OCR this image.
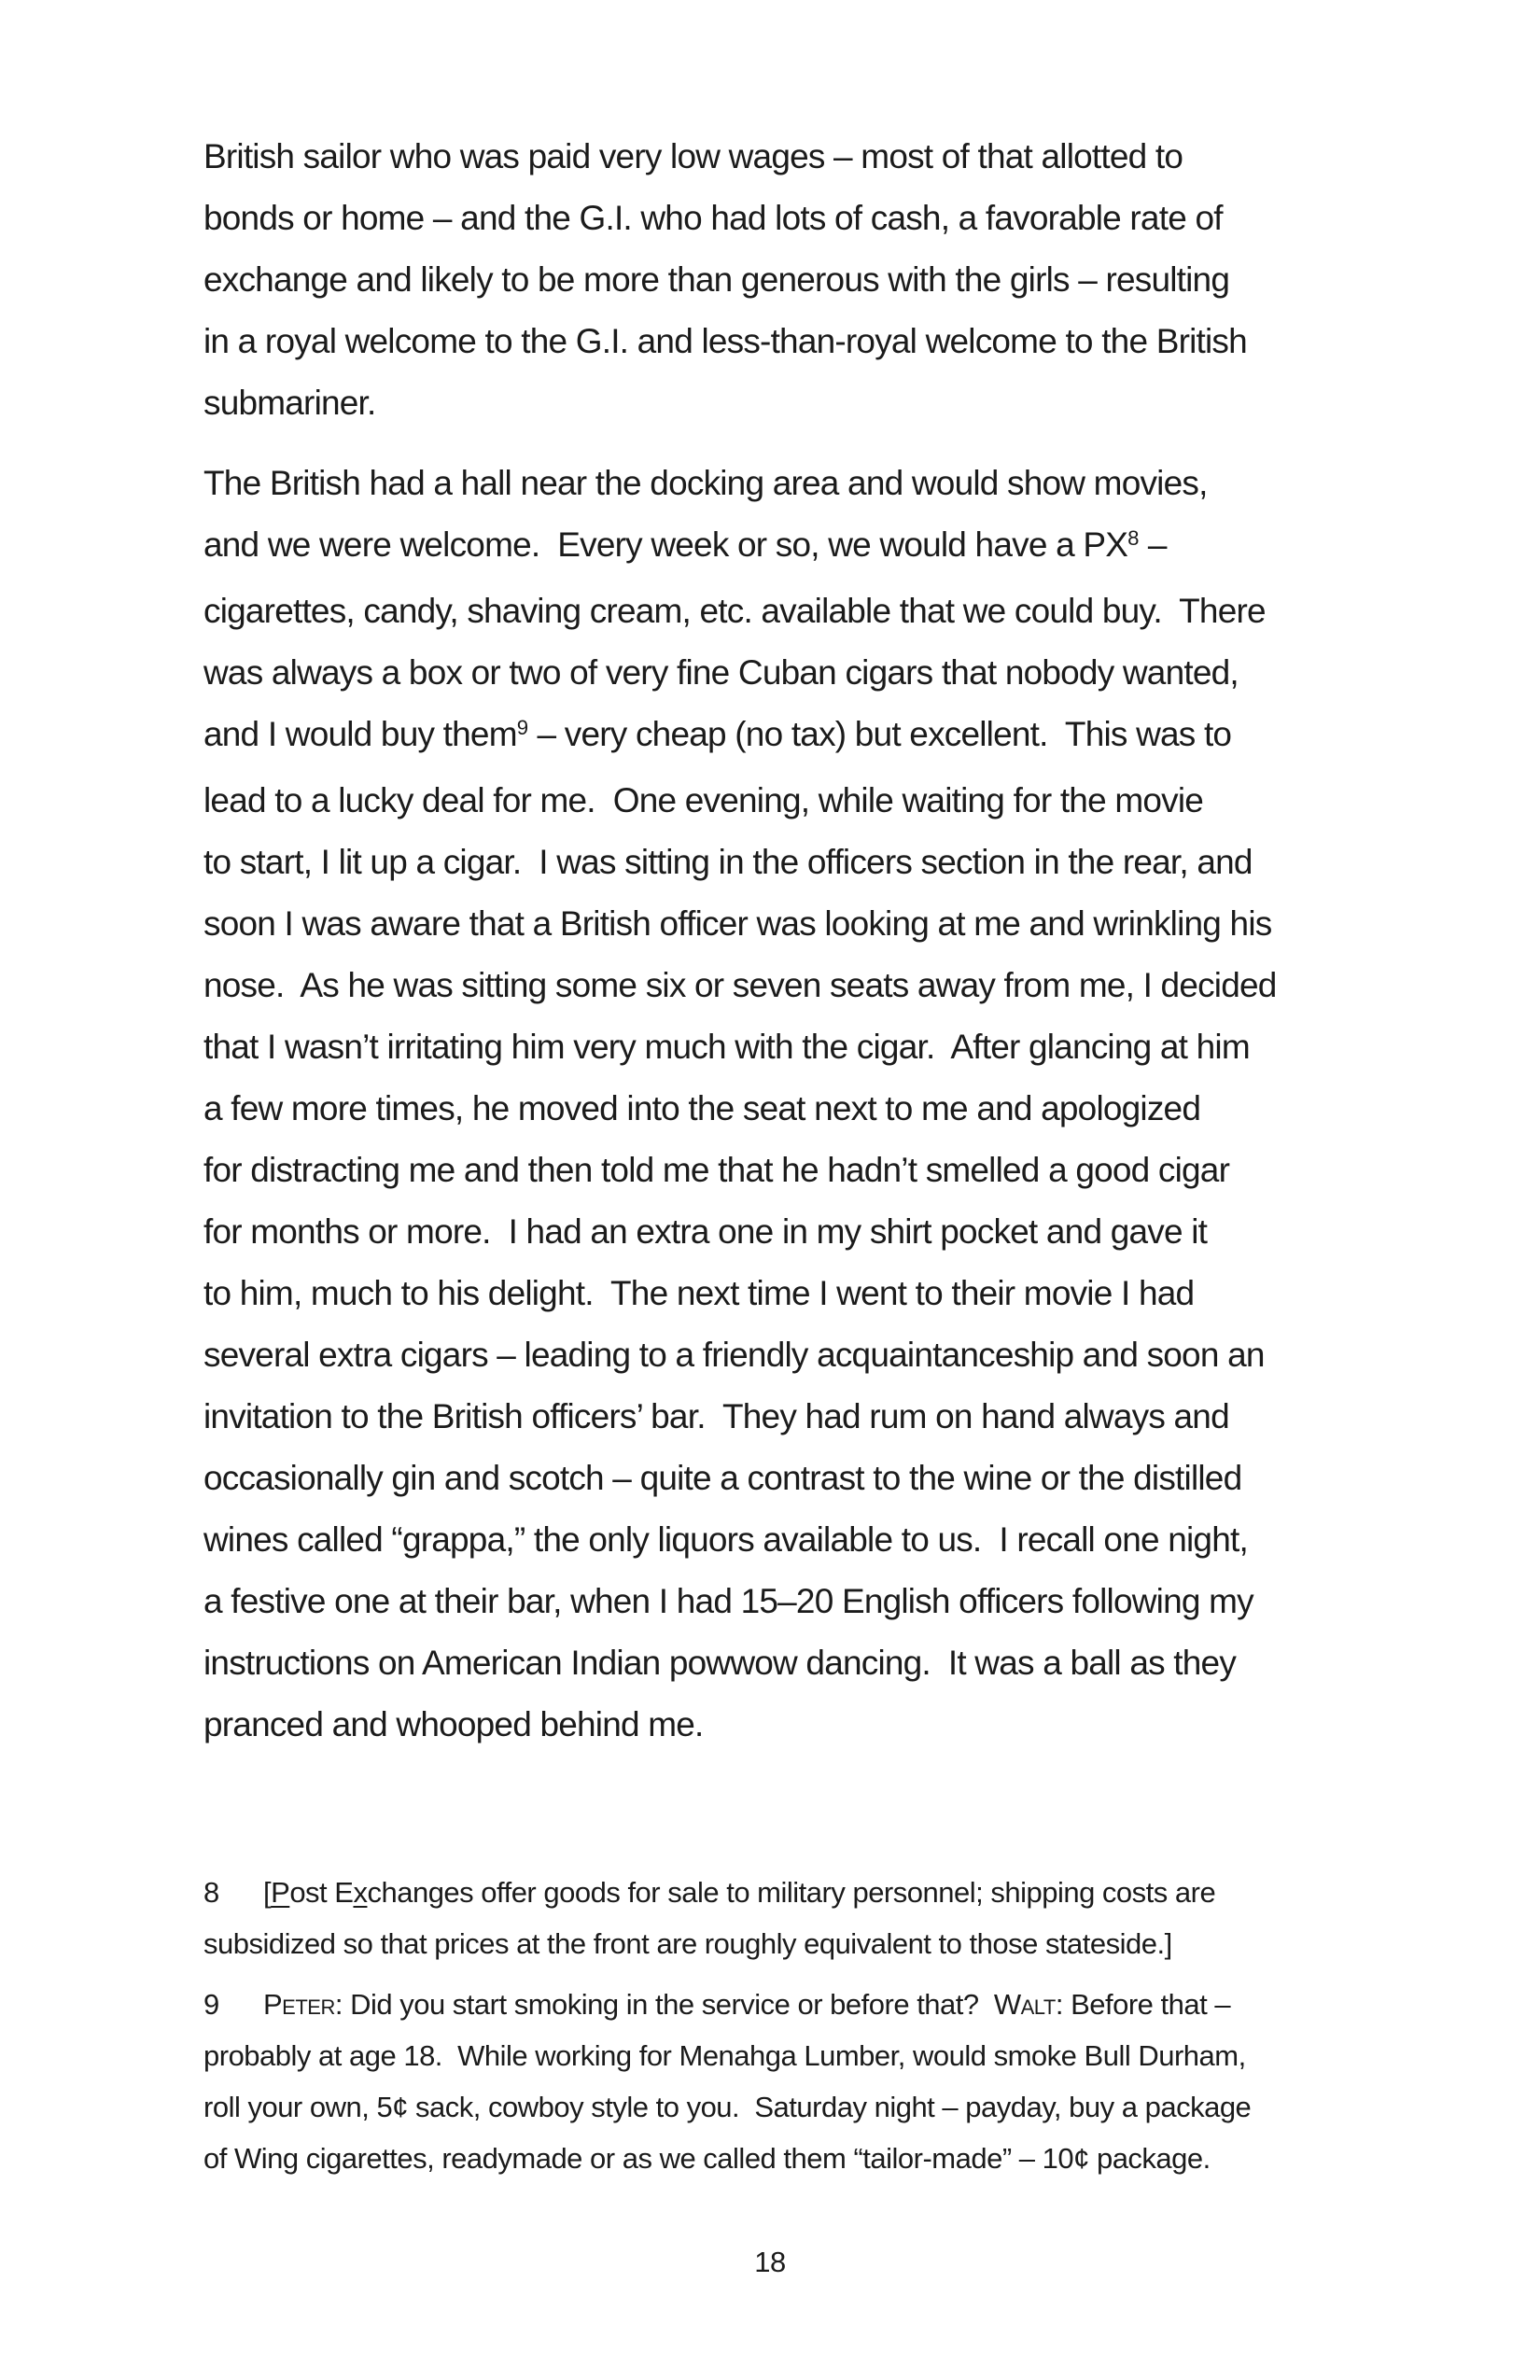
British sailor who was paid very low wages – most of that allotted to
bonds or home – and the G.I. who had lots of cash, a favorable rate of
exchange and likely to be more than generous with the girls – resulting
in a royal welcome to the G.I. and less-than-royal welcome to the British
submariner.
The British had a hall near the docking area and would show movies,
and we were welcome.  Every week or so, we would have a $PX^8$ –
cigarettes, candy, shaving cream, etc. available that we could buy.  There
was always a box or two of very fine Cuban cigars that nobody wanted,
and I would buy them$^9$ – very cheap (no tax) but excellent.  This was to
lead to a lucky deal for me.  One evening, while waiting for the movie
to start, I lit up a cigar.  I was sitting in the officers section in the rear, and
soon I was aware that a British officer was looking at me and wrinkling his
nose.  As he was sitting some six or seven seats away from me, I decided
that I wasn’t irritating him very much with the cigar.  After glancing at him
a few more times, he moved into the seat next to me and apologized
for distracting me and then told me that he hadn’t smelled a good cigar
for months or more.  I had an extra one in my shirt pocket and gave it
to him, much to his delight.  The next time I went to their movie I had
several extra cigars – leading to a friendly acquaintanceship and soon an
invitation to the British officers’ bar.  They had rum on hand always and
occasionally gin and scotch – quite a contrast to the wine or the distilled
wines called “grappa,” the only liquors available to us.  I recall one night,
a festive one at their bar, when I had 15–20 English officers following my
instructions on American Indian powwow dancing.  It was a ball as they
pranced and whooped behind me.
8 [Post Exchanges offer goods for sale to military personnel; shipping costs are
subsidized so that prices at the front are roughly equivalent to those stateside.]
9 Peter: Did you start smoking in the service or before that?  Walt: Before that –
probably at age 18.  While working for Menahga Lumber, would smoke Bull Durham,
roll your own, 5¢ sack, cowboy style to you.  Saturday night – payday, buy a package
of Wing cigarettes, readymade or as we called them “tailor-made” – 10¢ package.
18
